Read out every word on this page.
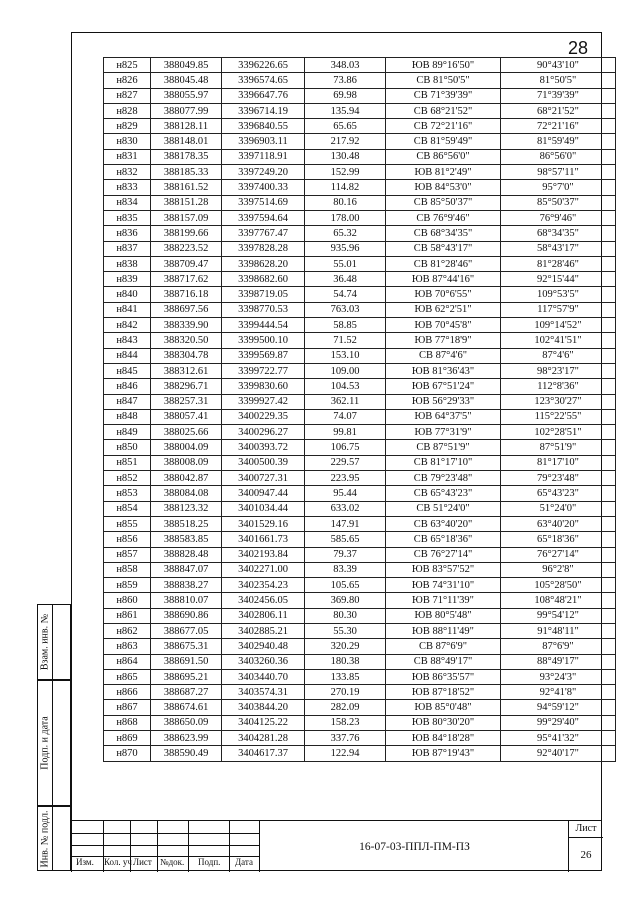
28
н825	388049.85	3396226.65	348.03	ЮВ 89°16'50"	90°43'10"
н826	388045.48	3396574.65	73.86	СВ 81°50'5"	81°50'5"
н827	388055.97	3396647.76	69.98	СВ 71°39'39"	71°39'39"
н828	388077.99	3396714.19	135.94	СВ 68°21'52"	68°21'52"
н829	388128.11	3396840.55	65.65	СВ 72°21'16"	72°21'16"
н830	388148.01	3396903.11	217.92	СВ 81°59'49"	81°59'49"
н831	388178.35	3397118.91	130.48	СВ 86°56'0"	86°56'0"
н832	388185.33	3397249.20	152.99	ЮВ 81°2'49"	98°57'11"
н833	388161.52	3397400.33	114.82	ЮВ 84°53'0"	95°7'0"
н834	388151.28	3397514.69	80.16	СВ 85°50'37"	85°50'37"
н835	388157.09	3397594.64	178.00	СВ 76°9'46"	76°9'46"
н836	388199.66	3397767.47	65.32	СВ 68°34'35"	68°34'35"
н837	388223.52	3397828.28	935.96	СВ 58°43'17"	58°43'17"
н838	388709.47	3398628.20	55.01	СВ 81°28'46"	81°28'46"
н839	388717.62	3398682.60	36.48	ЮВ 87°44'16"	92°15'44"
н840	388716.18	3398719.05	54.74	ЮВ 70°6'55"	109°53'5"
н841	388697.56	3398770.53	763.03	ЮВ 62°2'51"	117°57'9"
н842	388339.90	3399444.54	58.85	ЮВ 70°45'8"	109°14'52"
н843	388320.50	3399500.10	71.52	ЮВ 77°18'9"	102°41'51"
н844	388304.78	3399569.87	153.10	СВ 87°4'6"	87°4'6"
н845	388312.61	3399722.77	109.00	ЮВ 81°36'43"	98°23'17"
н846	388296.71	3399830.60	104.53	ЮВ 67°51'24"	112°8'36"
н847	388257.31	3399927.42	362.11	ЮВ 56°29'33"	123°30'27"
н848	388057.41	3400229.35	74.07	ЮВ 64°37'5"	115°22'55"
н849	388025.66	3400296.27	99.81	ЮВ 77°31'9"	102°28'51"
н850	388004.09	3400393.72	106.75	СВ 87°51'9"	87°51'9"
н851	388008.09	3400500.39	229.57	СВ 81°17'10"	81°17'10"
н852	388042.87	3400727.31	223.95	СВ 79°23'48"	79°23'48"
н853	388084.08	3400947.44	95.44	СВ 65°43'23"	65°43'23"
н854	388123.32	3401034.44	633.02	СВ 51°24'0"	51°24'0"
н855	388518.25	3401529.16	147.91	СВ 63°40'20"	63°40'20"
н856	388583.85	3401661.73	585.65	СВ 65°18'36"	65°18'36"
н857	388828.48	3402193.84	79.37	СВ 76°27'14"	76°27'14"
н858	388847.07	3402271.00	83.39	ЮВ 83°57'52"	96°2'8"
н859	388838.27	3402354.23	105.65	ЮВ 74°31'10"	105°28'50"
н860	388810.07	3402456.05	369.80	ЮВ 71°11'39"	108°48'21"
н861	388690.86	3402806.11	80.30	ЮВ 80°5'48"	99°54'12"
н862	388677.05	3402885.21	55.30	ЮВ 88°11'49"	91°48'11"
н863	388675.31	3402940.48	320.29	СВ 87°6'9"	87°6'9"
н864	388691.50	3403260.36	180.38	СВ 88°49'17"	88°49'17"
н865	388695.21	3403440.70	133.85	ЮВ 86°35'57"	93°24'3"
н866	388687.27	3403574.31	270.19	ЮВ 87°18'52"	92°41'8"
н867	388674.61	3403844.20	282.09	ЮВ 85°0'48"	94°59'12"
н868	388650.09	3404125.22	158.23	ЮВ 80°30'20"	99°29'40"
н869	388623.99	3404281.28	337.76	ЮВ 84°18'28"	95°41'32"
н870	388590.49	3404617.37	122.94	ЮВ 87°19'43"	92°40'17"
Взам. инв. №
Подп. и дата
Инв. № подл.	Изм. Кол. уч Лист №док. Подп. Дата
16-07-03-ППЛ-ПМ-ПЗ
Лист
26
